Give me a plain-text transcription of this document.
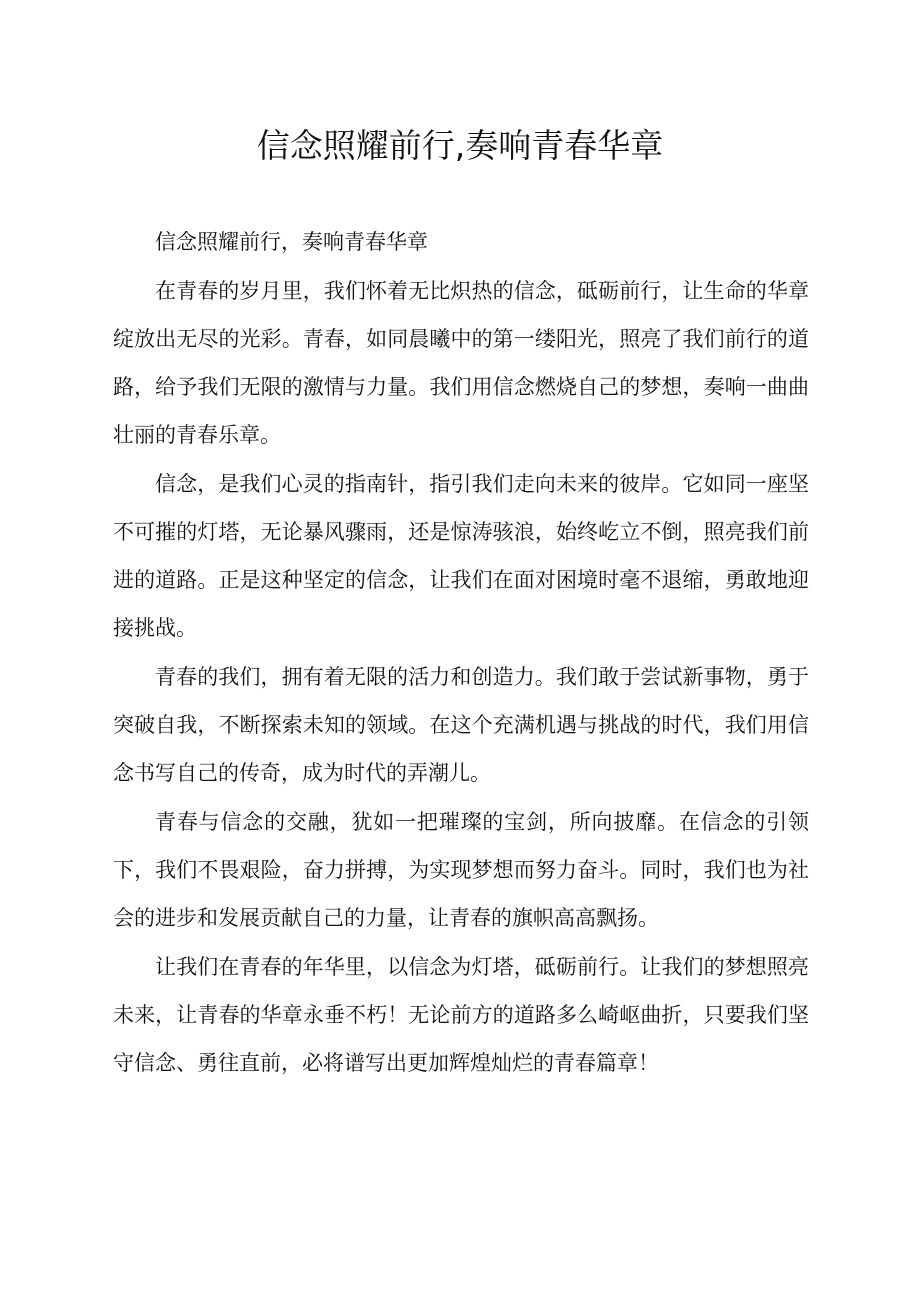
信念照耀前行,奏响青春华章

信念照耀前行，奏响青春华章

在青春的岁月里，我们怀着无比炽热的信念，砥砺前行，让生命的华章绽放出无尽的光彩。青春，如同晨曦中的第一缕阳光，照亮了我们前行的道路，给予我们无限的激情与力量。我们用信念燃烧自己的梦想，奏响一曲曲壮丽的青春乐章。

信念，是我们心灵的指南针，指引我们走向未来的彼岸。它如同一座坚不可摧的灯塔，无论暴风骤雨，还是惊涛骇浪，始终屹立不倒，照亮我们前进的道路。正是这种坚定的信念，让我们在面对困境时毫不退缩，勇敢地迎接挑战。

青春的我们，拥有着无限的活力和创造力。我们敢于尝试新事物，勇于突破自我，不断探索未知的领域。在这个充满机遇与挑战的时代，我们用信念书写自己的传奇，成为时代的弄潮儿。

青春与信念的交融，犹如一把璀璨的宝剑，所向披靡。在信念的引领下，我们不畏艰险，奋力拼搏，为实现梦想而努力奋斗。同时，我们也为社会的进步和发展贡献自己的力量，让青春的旗帜高高飘扬。

让我们在青春的年华里，以信念为灯塔，砥砺前行。让我们的梦想照亮未来，让青春的华章永垂不朽！无论前方的道路多么崎岖曲折，只要我们坚守信念、勇往直前，必将谱写出更加辉煌灿烂的青春篇章！
